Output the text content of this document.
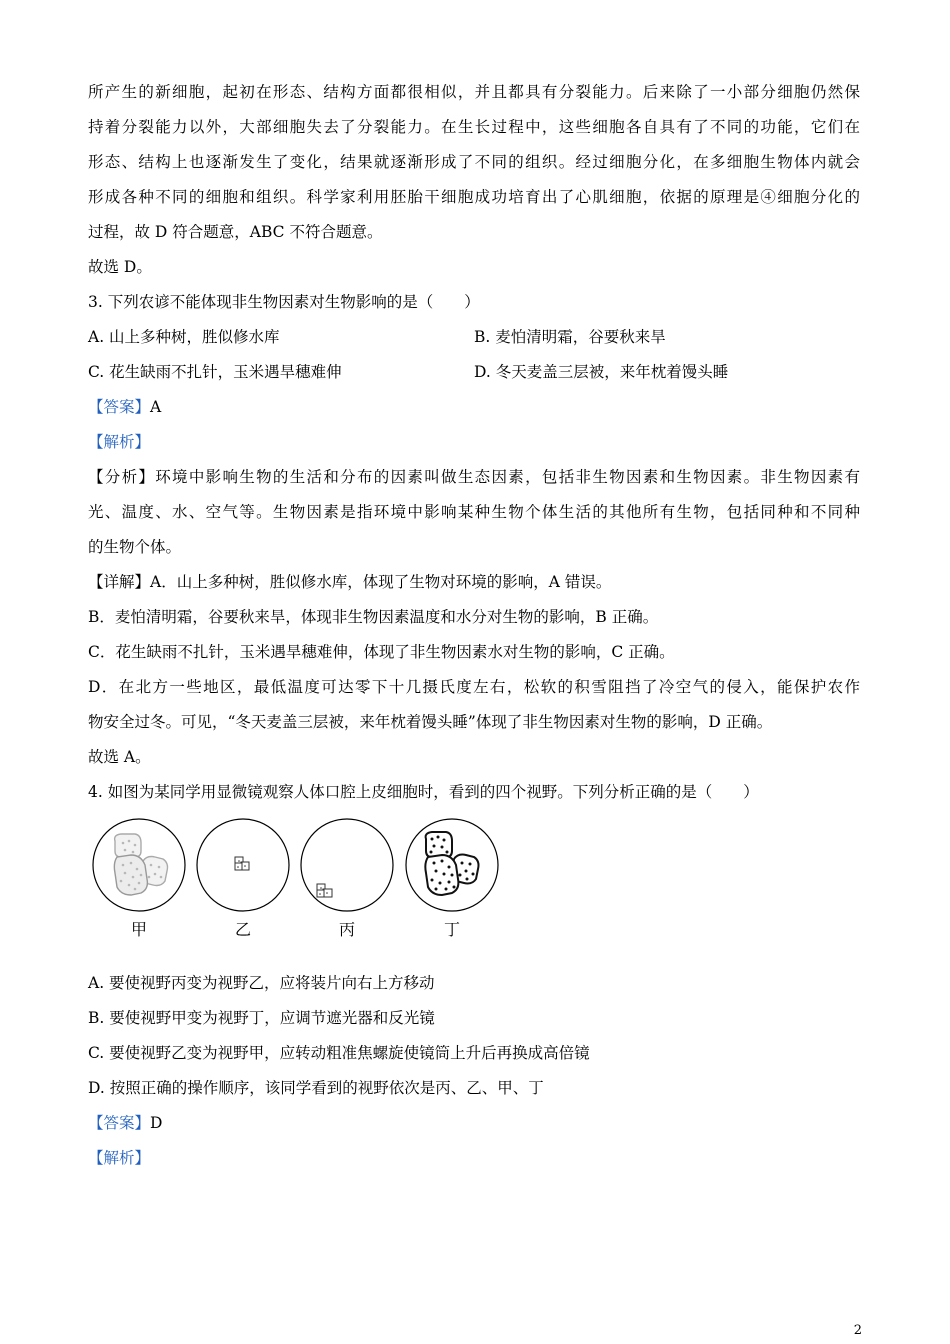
所产生的新细胞，起初在形态、结构方面都很相似，并且都具有分裂能力。后来除了一小部分细胞仍然保
持着分裂能力以外，大部细胞失去了分裂能力。在生长过程中，这些细胞各自具有了不同的功能，它们在
形态、结构上也逐渐发生了变化，结果就逐渐形成了不同的组织。经过细胞分化，在多细胞生物体内就会
形成各种不同的细胞和组织。科学家利用胚胎干细胞成功培育出了心肌细胞，依据的原理是④细胞分化的
过程，故 D 符合题意，ABC 不符合题意。
故选 D。
3. 下列农谚不能体现非生物因素对生物影响的是（　　）
A. 山上多种树，胜似修水库	B. 麦怕清明霜，谷要秋来旱
C. 花生缺雨不扎针，玉米遇旱穗难伸	D. 冬天麦盖三层被，来年枕着馒头睡
【答案】A
【解析】
【分析】环境中影响生物的生活和分布的因素叫做生态因素，包括非生物因素和生物因素。非生物因素有
光、温度、水、空气等。生物因素是指环境中影响某种生物个体生活的其他所有生物，包括同种和不同种
的生物个体。
【详解】A．山上多种树，胜似修水库，体现了生物对环境的影响，A 错误。
B．麦怕清明霜，谷要秋来旱，体现非生物因素温度和水分对生物的影响，B 正确。
C．花生缺雨不扎针，玉米遇旱穗难伸，体现了非生物因素水对生物的影响，C 正确。
D．在北方一些地区，最低温度可达零下十几摄氏度左右，松软的积雪阻挡了冷空气的侵入，能保护农作
物安全过冬。可见，“冬天麦盖三层被，来年枕着馒头睡”体现了非生物因素对生物的影响，D 正确。
故选 A。
4. 如图为某同学用显微镜观察人体口腔上皮细胞时，看到的四个视野。下列分析正确的是（　　）
甲	乙	丙	丁
A. 要使视野丙变为视野乙，应将装片向右上方移动
B. 要使视野甲变为视野丁，应调节遮光器和反光镜
C. 要使视野乙变为视野甲，应转动粗准焦螺旋使镜筒上升后再换成高倍镜
D. 按照正确的操作顺序，该同学看到的视野依次是丙、乙、甲、丁
【答案】D
【解析】
2
